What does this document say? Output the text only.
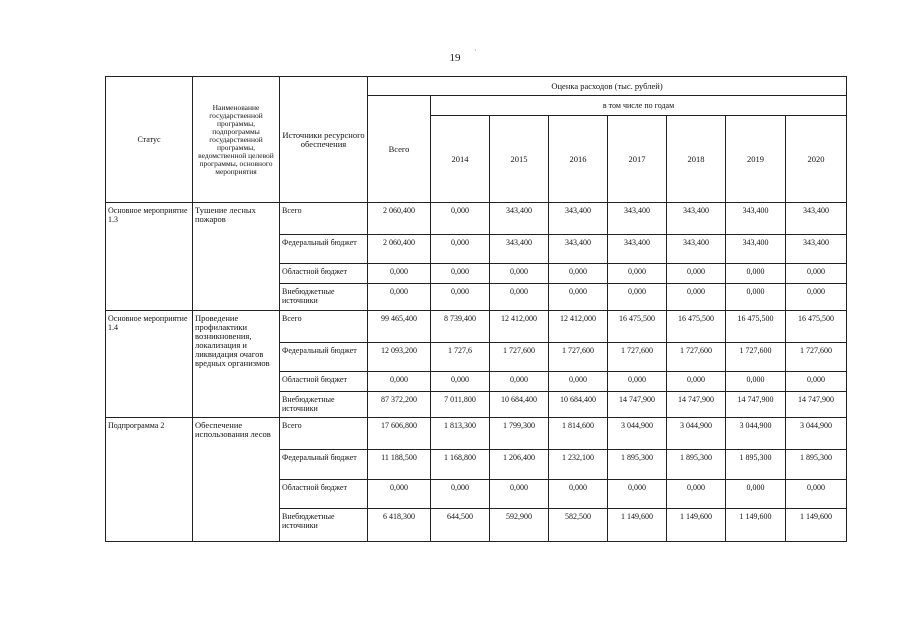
19
·
Статус	Наименование государственной программы, подпрограммы государственной программы, ведомственной целевой программы, основного мероприятия	Источники ресурсного обеспечения	Оценка расходов (тыс. рублей)							
			Всего	в том числе по годам						
				2014	2015	2016	2017	2018	2019	2020
Основное мероприятие 1.3	Тушение лесных пожаров	Всего	2 060,400	0,000	343,400	343,400	343,400	343,400	343,400	343,400
		Федеральный бюджет	2 060,400	0,000	343,400	343,400	343,400	343,400	343,400	343,400
		Областной бюджет	0,000	0,000	0,000	0,000	0,000	0,000	0,000	0,000
		Внебюджетные источники	0,000	0,000	0,000	0,000	0,000	0,000	0,000	0,000
Основное мероприятие 1.4	Проведение профилактики возникновения, локализация и ликвидация очагов вредных организмов	Всего	99 465,400	8 739,400	12 412,000	12 412,000	16 475,500	16 475,500	16 475,500	16 475,500
		Федеральный бюджет	12 093,200	1 727,6	1 727,600	1 727,600	1 727,600	1 727,600	1 727,600	1 727,600
		Областной бюджет	0,000	0,000	0,000	0,000	0,000	0,000	0,000	0,000
		Внебюджетные источники	87 372,200	7 011,800	10 684,400	10 684,400	14 747,900	14 747,900	14 747,900	14 747,900
Подпрограмма 2	Обеспечение использования лесов	Всего	17 606,800	1 813,300	1 799,300	1 814,600	3 044,900	3 044,900	3 044,900	3 044,900
		Федеральный бюджет	11 188,500	1 168,800	1 206,400	1 232,100	1 895,300	1 895,300	1 895,300	1 895,300
		Областной бюджет	0,000	0,000	0,000	0,000	0,000	0,000	0,000	0,000
		Внебюджетные источники	6 418,300	644,500	592,900	582,500	1 149,600	1 149,600	1 149,600	1 149,600
